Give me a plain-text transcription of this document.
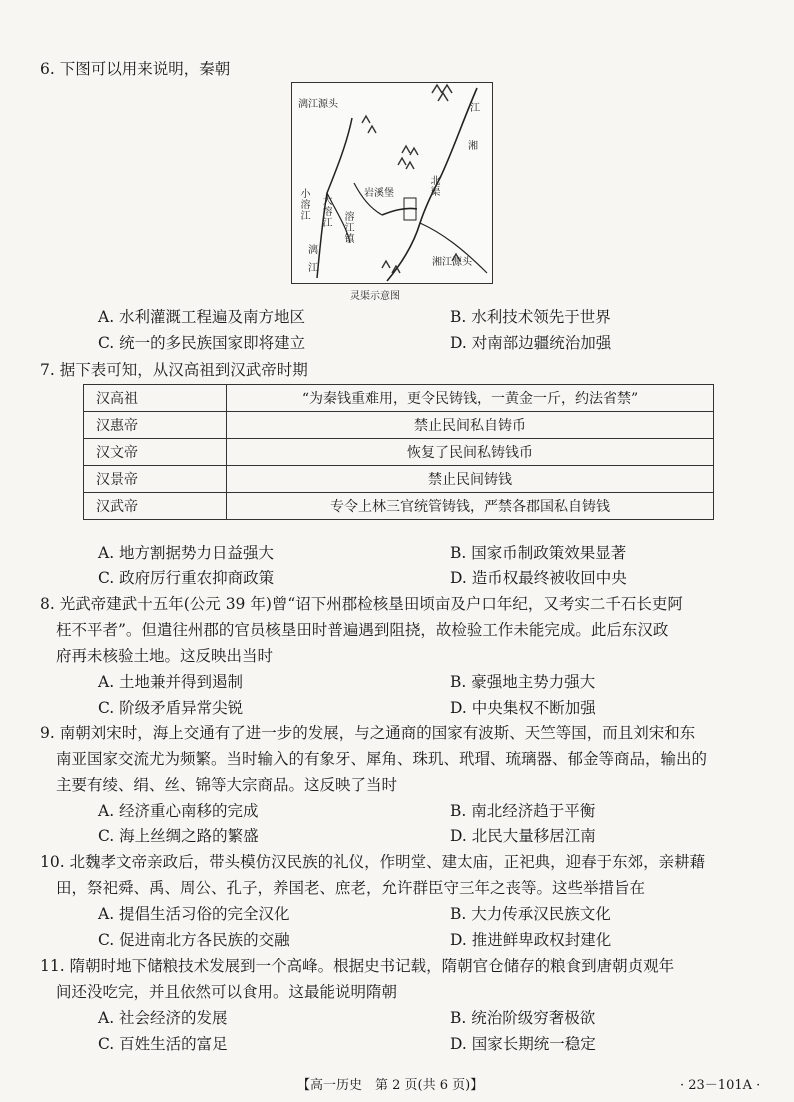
6. 下图可以用来说明，秦朝
漓江源头
小溶江 大溶江
岩溪堡
溶江镇
北渠
江
湘
漓
江
湘江源头
灵渠示意图
A. 水利灌溉工程遍及南方地区	B. 水利技术领先于世界
C. 统一的多民族国家即将建立	D. 对南部边疆统治加强
7. 据下表可知，从汉高祖到汉武帝时期
汉高祖	“为秦钱重难用，更令民铸钱，一黄金一斤，约法省禁”
汉惠帝	禁止民间私自铸币
汉文帝	恢复了民间私铸钱币
汉景帝	禁止民间铸钱
汉武帝	专令上林三官统管铸钱，严禁各郡国私自铸钱
A. 地方割据势力日益强大	B. 国家币制政策效果显著
C. 政府厉行重农抑商政策	D. 造币权最终被收回中央
8. 光武帝建武十五年(公元 39 年)曾“诏下州郡检核垦田顷亩及户口年纪，又考实二千石长吏阿
枉不平者”。但遣往州郡的官员核垦田时普遍遇到阻挠，故检验工作未能完成。此后东汉政
府再未核验土地。这反映出当时
A. 土地兼并得到遏制	B. 豪强地主势力强大
C. 阶级矛盾异常尖锐	D. 中央集权不断加强
9. 南朝刘宋时，海上交通有了进一步的发展，与之通商的国家有波斯、天竺等国，而且刘宋和东
南亚国家交流尤为频繁。当时输入的有象牙、犀角、珠玑、玳瑁、琉璃器、郁金等商品，输出的
主要有绫、绢、丝、锦等大宗商品。这反映了当时
A. 经济重心南移的完成	B. 南北经济趋于平衡
C. 海上丝绸之路的繁盛	D. 北民大量移居江南
10. 北魏孝文帝亲政后，带头模仿汉民族的礼仪，作明堂、建太庙，正祀典，迎春于东郊，亲耕藉
田，祭祀舜、禹、周公、孔子，养国老、庶老，允许群臣守三年之丧等。这些举措旨在
A. 提倡生活习俗的完全汉化	B. 大力传承汉民族文化
C. 促进南北方各民族的交融	D. 推进鲜卑政权封建化
11. 隋朝时地下储粮技术发展到一个高峰。根据史书记载，隋朝官仓储存的粮食到唐朝贞观年
间还没吃完，并且依然可以食用。这最能说明隋朝
A. 社会经济的发展	B. 统治阶级穷奢极欲
C. 百姓生活的富足	D. 国家长期统一稳定
【高一历史　第 2 页(共 6 页)】	· 23－101A ·
